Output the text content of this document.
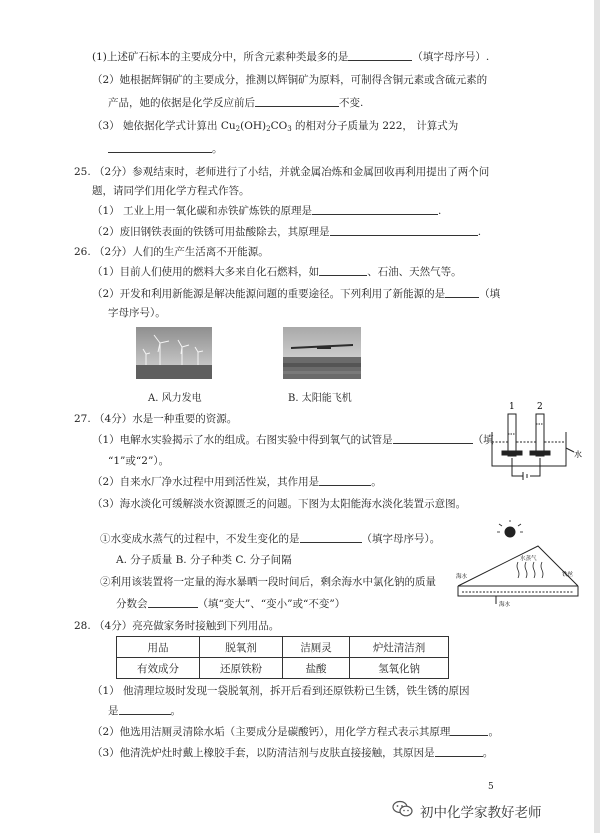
(1)上述矿石标本的主要成分中，所含元素种类最多的是	（填字母序号）.
（2）她根据辉铜矿的主要成分，推测以辉铜矿为原料，可制得含铜元素或含硫元素的
产品，她的依据是化学反应前后	不变.
（3） 她依据化学式计算出 $Cu_2(OH)_2CO_3$ 的相对分子质量为 222， 计算式为
。
25. （2分）参观结束时，老师进行了小结，并就金属冶炼和金属回收再利用提出了两个问
题，请同学们用化学方程式作答。
（1） 工业上用一氧化碳和赤铁矿炼铁的原理是	.
（2）废旧钢铁表面的铁锈可用盐酸除去，其原理是	.
26. （2分）人们的生产生活离不开能源。
（1）目前人们使用的燃料大多来自化石燃料，如	、石油、天然气等。
（2）开发和利用新能源是解决能源问题的重要途径。下列利用了新能源的是	（填
字母序号）。
A. 风力发电	B. 太阳能飞机
27. （4分）水是一种重要的资源。
（1）电解水实验揭示了水的组成。右图实验中得到氧气的试管是	（填
“1”或“2”）。
（2）自来水厂净水过程中用到活性炭，其作用是	。
（3）海水淡化可缓解淡水资源匮乏的问题。下图为太阳能海水淡化装置示意图。
1 2
水
①水变成水蒸气的过程中，不发生变化的是	（填字母序号）。
A. 分子质量 B. 分子种类 C. 分子间隔
②利用该装置将一定量的海水暴晒一段时间后，剩余海水中氯化钠的质量
分数会	（填“变大”、“变小”或“不变”）
海水
水蒸气
铁丝
海水
28. （4分）亮亮做家务时接触到下列用品。
用品	脱氧剂	洁厕灵	炉灶清洁剂
有效成分	还原铁粉	盐酸	氢氧化钠
（1） 他清理垃圾时发现一袋脱氧剂，拆开后看到还原铁粉已生锈，铁生锈的原因
是	。
（2）他选用洁厕灵清除水垢（主要成分是碳酸钙），用化学方程式表示其原理	。
（3）他清洗炉灶时戴上橡胶手套，以防清洁剂与皮肤直接接触，其原因是	。
5
初中化学家教好老师
